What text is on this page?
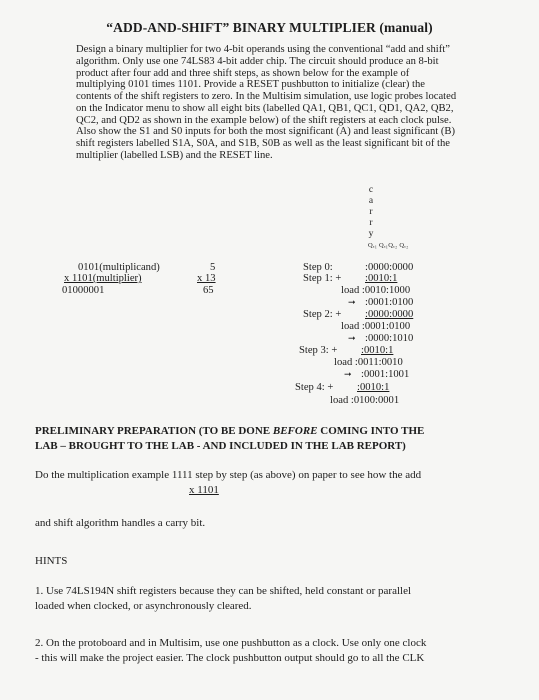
“ADD-AND-SHIFT” BINARY MULTIPLIER (manual)
Design a binary multiplier for two 4-bit operands using the conventional “add and shift”
algorithm. Only use one 74LS83 4-bit adder chip. The circuit should produce an 8-bit
product after four add and three shift steps, as shown below for the example of
multiplying 0101 times 1101. Provide a RESET pushbutton to initialize (clear) the
contents of the shift registers to zero. In the Multisim simulation, use logic probes located
on the Indicator menu to show all eight bits (labelled QA1, QB1, QC1, QD1, QA2, QB2,
QC2, and QD2 as shown in the example below) of the shift registers at each clock pulse.
Also show the S1 and S0 inputs for both the most significant (A) and least significant (B)
shift registers labelled S1A, S0A, and S1B, S0B as well as the least significant bit of the
multiplier (labelled LSB) and the RESET line.
c
a
r
r
y
Qₑ₁ Qₑ₁Qₑ₂ Qₑ₂
0101(multiplicand)
x 1101(multiplier)
01000001
5
x 13
65
Step 0:	:0000:0000
Step 1: + :0010:1
load :0010:1000
➞ :0001:0100
Step 2: + :0000:0000
load :0001:0100
➞ :0000:1010
Step 3: + :0010:1
load :0011:0010
➞ :0001:1001
Step 4: + :0010:1
load :0100:0001
PRELIMINARY PREPARATION (TO BE DONE BEFORE COMING INTO THE
LAB – BROUGHT TO THE LAB - AND INCLUDED IN THE LAB REPORT)
Do the multiplication example 1111 step by step (as above) on paper to see how the add
x 1101
and shift algorithm handles a carry bit.
HINTS
1. Use 74LS194N shift registers because they can be shifted, held constant or parallel
loaded when clocked, or asynchronously cleared.
2. On the protoboard and in Multisim, use one pushbutton as a clock. Use only one clock
- this will make the project easier. The clock pushbutton output should go to all the CLK
